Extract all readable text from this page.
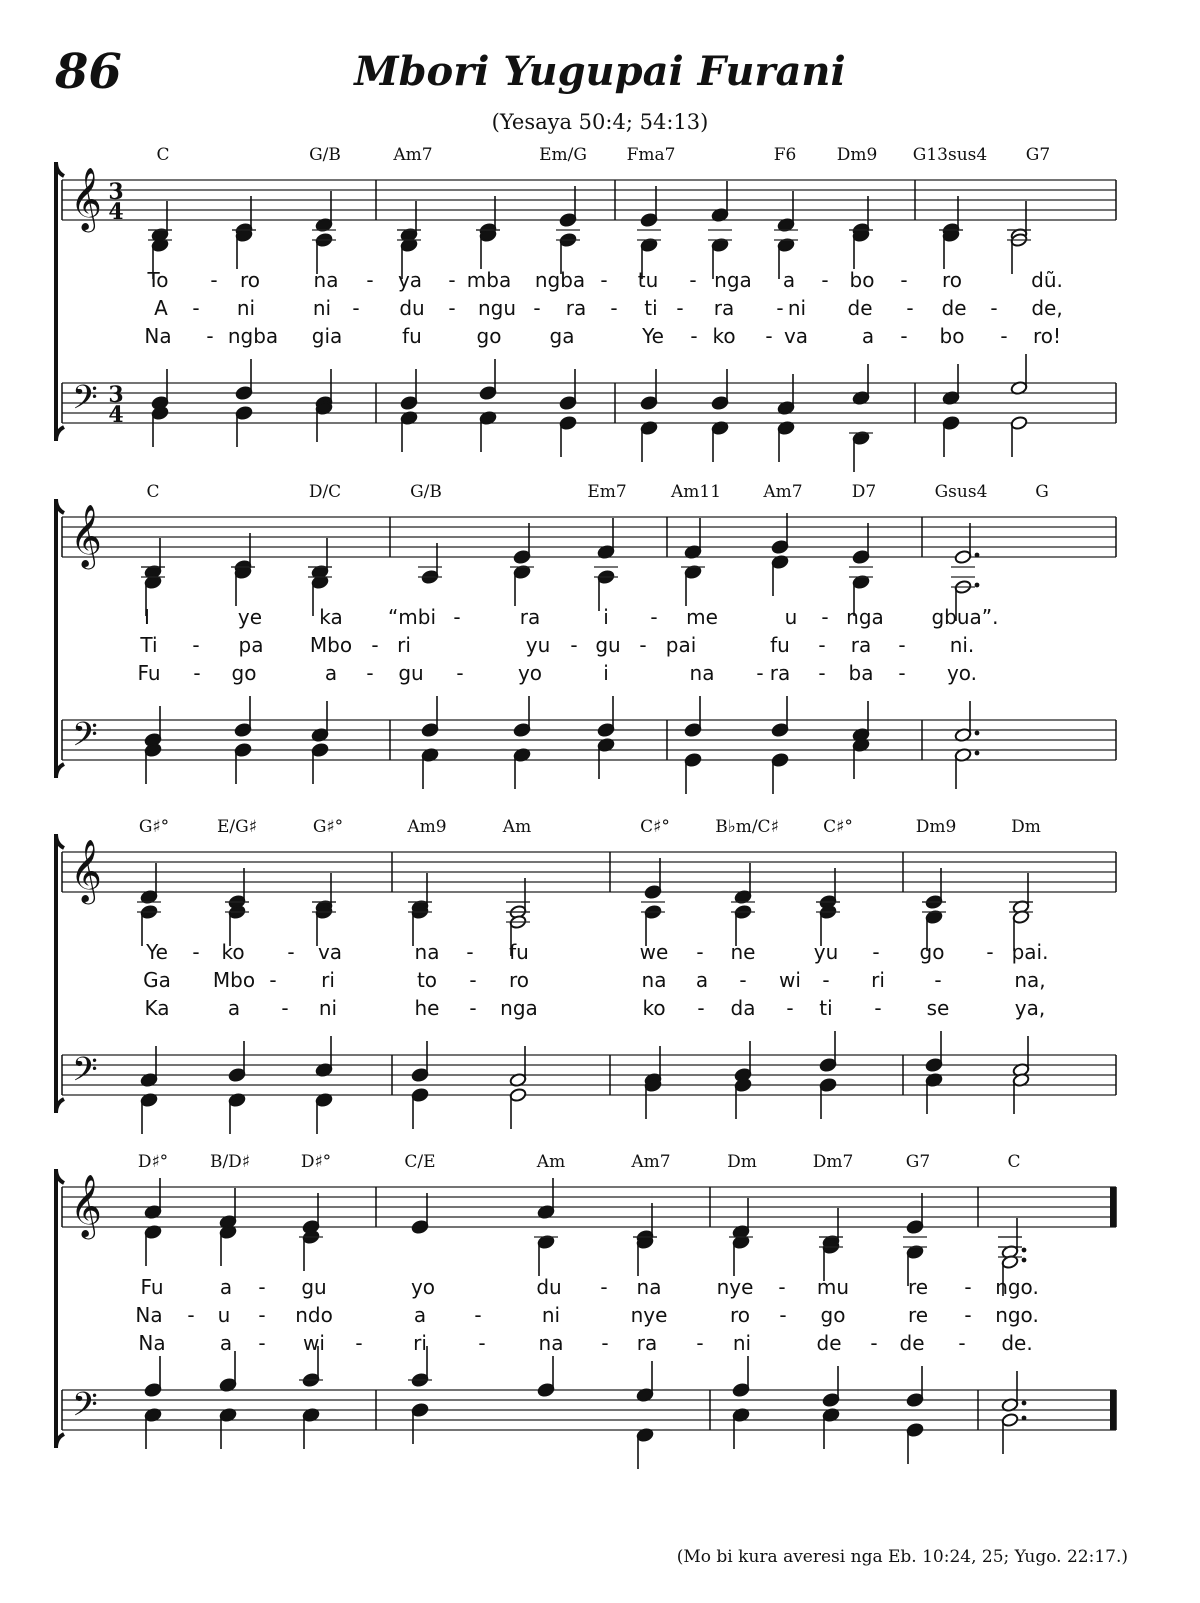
86	Mbori Yugupai Furani
(Yesaya 50:4; 54:13)
𝄞
𝄢
3
4
3
4
𝄞
𝄢
𝄞
𝄢
𝄞
𝄢
C	G/B	Am7	Em/G Fma7	F6 Dm9 G13sus4 G7
To - ro	na - ya - mba ngba - tu - nga a - bo - ro	dũ.
A - ni	ni - du - ngu - ra - ti - ra - ni de - de - de,
Na - ngba gia	fu	go ga	Ye - ko - va	a - bo - ro!
C	D/C	G/B	Em7	Am11 Am7	D7	Gsus4	G
I	ye	ka “mbi -	ra	i - me	u - nga gbua”.
Ti - pa Mbo - ri	yu - gu - pai	fu - ra - ni.
Fu - go	a - gu -	yo	i	na - ra - ba - yo.
G♯°	E/G♯	G♯°	Am9	Am	C♯°	B♭m/C♯	C♯°	Dm9	Dm
Ye - ko - va	na - fu	we - ne	yu - go - pai.
Ga Mbo - ri	to - ro	na a - wi - ri -	na,
Ka	a - ni	he - nga	ko - da - ti - se	ya,
D♯° B/D♯	D♯°	C/E	Am	Am7	Dm	Dm7	G7	C
Fu	a - gu	yo	du - na	nye - mu	re - ngo.
Na - u - ndo	a -	ni	nye	ro - go	re - ngo.
Na	a - wi -	ri	-	na - ra - ni	de - de - de.
(Mo bi kura averesi nga Eb. 10:24, 25; Yugo. 22:17.)
